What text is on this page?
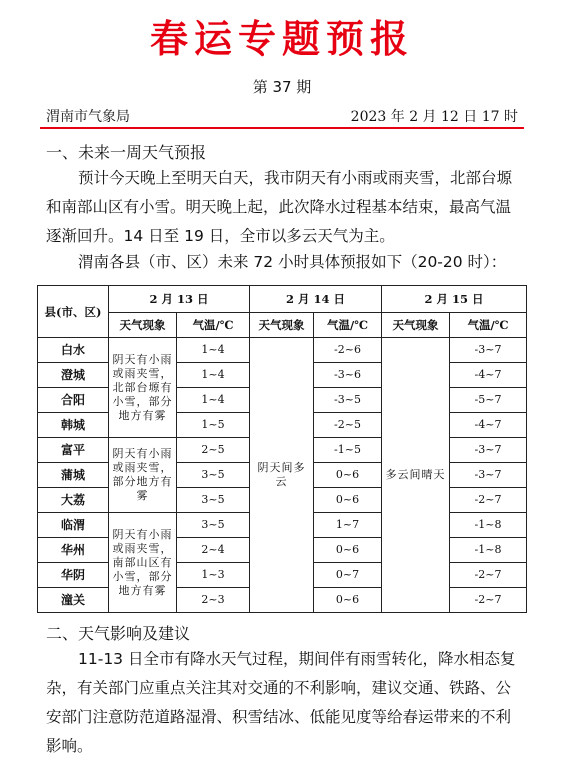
春运专题预报
第 37 期
渭南市气象局	2023 年 2 月 12 日 17 时
一、未来一周天气预报
预计今天晚上至明天白天，我市阴天有小雨或雨夹雪，北部台塬和南部山区有小雪。明天晚上起，此次降水过程基本结束，最高气温逐渐回升。14 日至 19 日，全市以多云天气为主。
渭南各县（市、区）未来 72 小时具体预报如下（20-20 时）：
县(市、区)	2 月 13 日		2 月 14 日		2 月 15 日	
	天气现象	气温/℃	天气现象	气温/℃	天气现象	气温/℃
白水	阴天有小雨或雨夹雪，北部台塬有小雪，部分地方有雾	1~4	阴天间多云	-2~6	多云间晴天	-3~7
澄城		1~4		-3~6		-4~7
合阳		1~4		-3~5		-5~7
韩城		1~5		-2~5		-4~7
富平	阴天有小雨或雨夹雪，部分地方有雾	2~5		-1~5		-3~7
蒲城		3~5		0~6		-3~7
大荔		3~5		0~6		-2~7
临渭	阴天有小雨或雨夹雪，南部山区有小雪，部分地方有雾	3~5		1~7		-1~8
华州		2~4		0~6		-1~8
华阴		1~3		0~7		-2~7
潼关		2~3		0~6		-2~7
二、天气影响及建议
11-13 日全市有降水天气过程，期间伴有雨雪转化，降水相态复杂，有关部门应重点关注其对交通的不利影响，建议交通、铁路、公安部门注意防范道路湿滑、积雪结冰、低能见度等给春运带来的不利影响。
